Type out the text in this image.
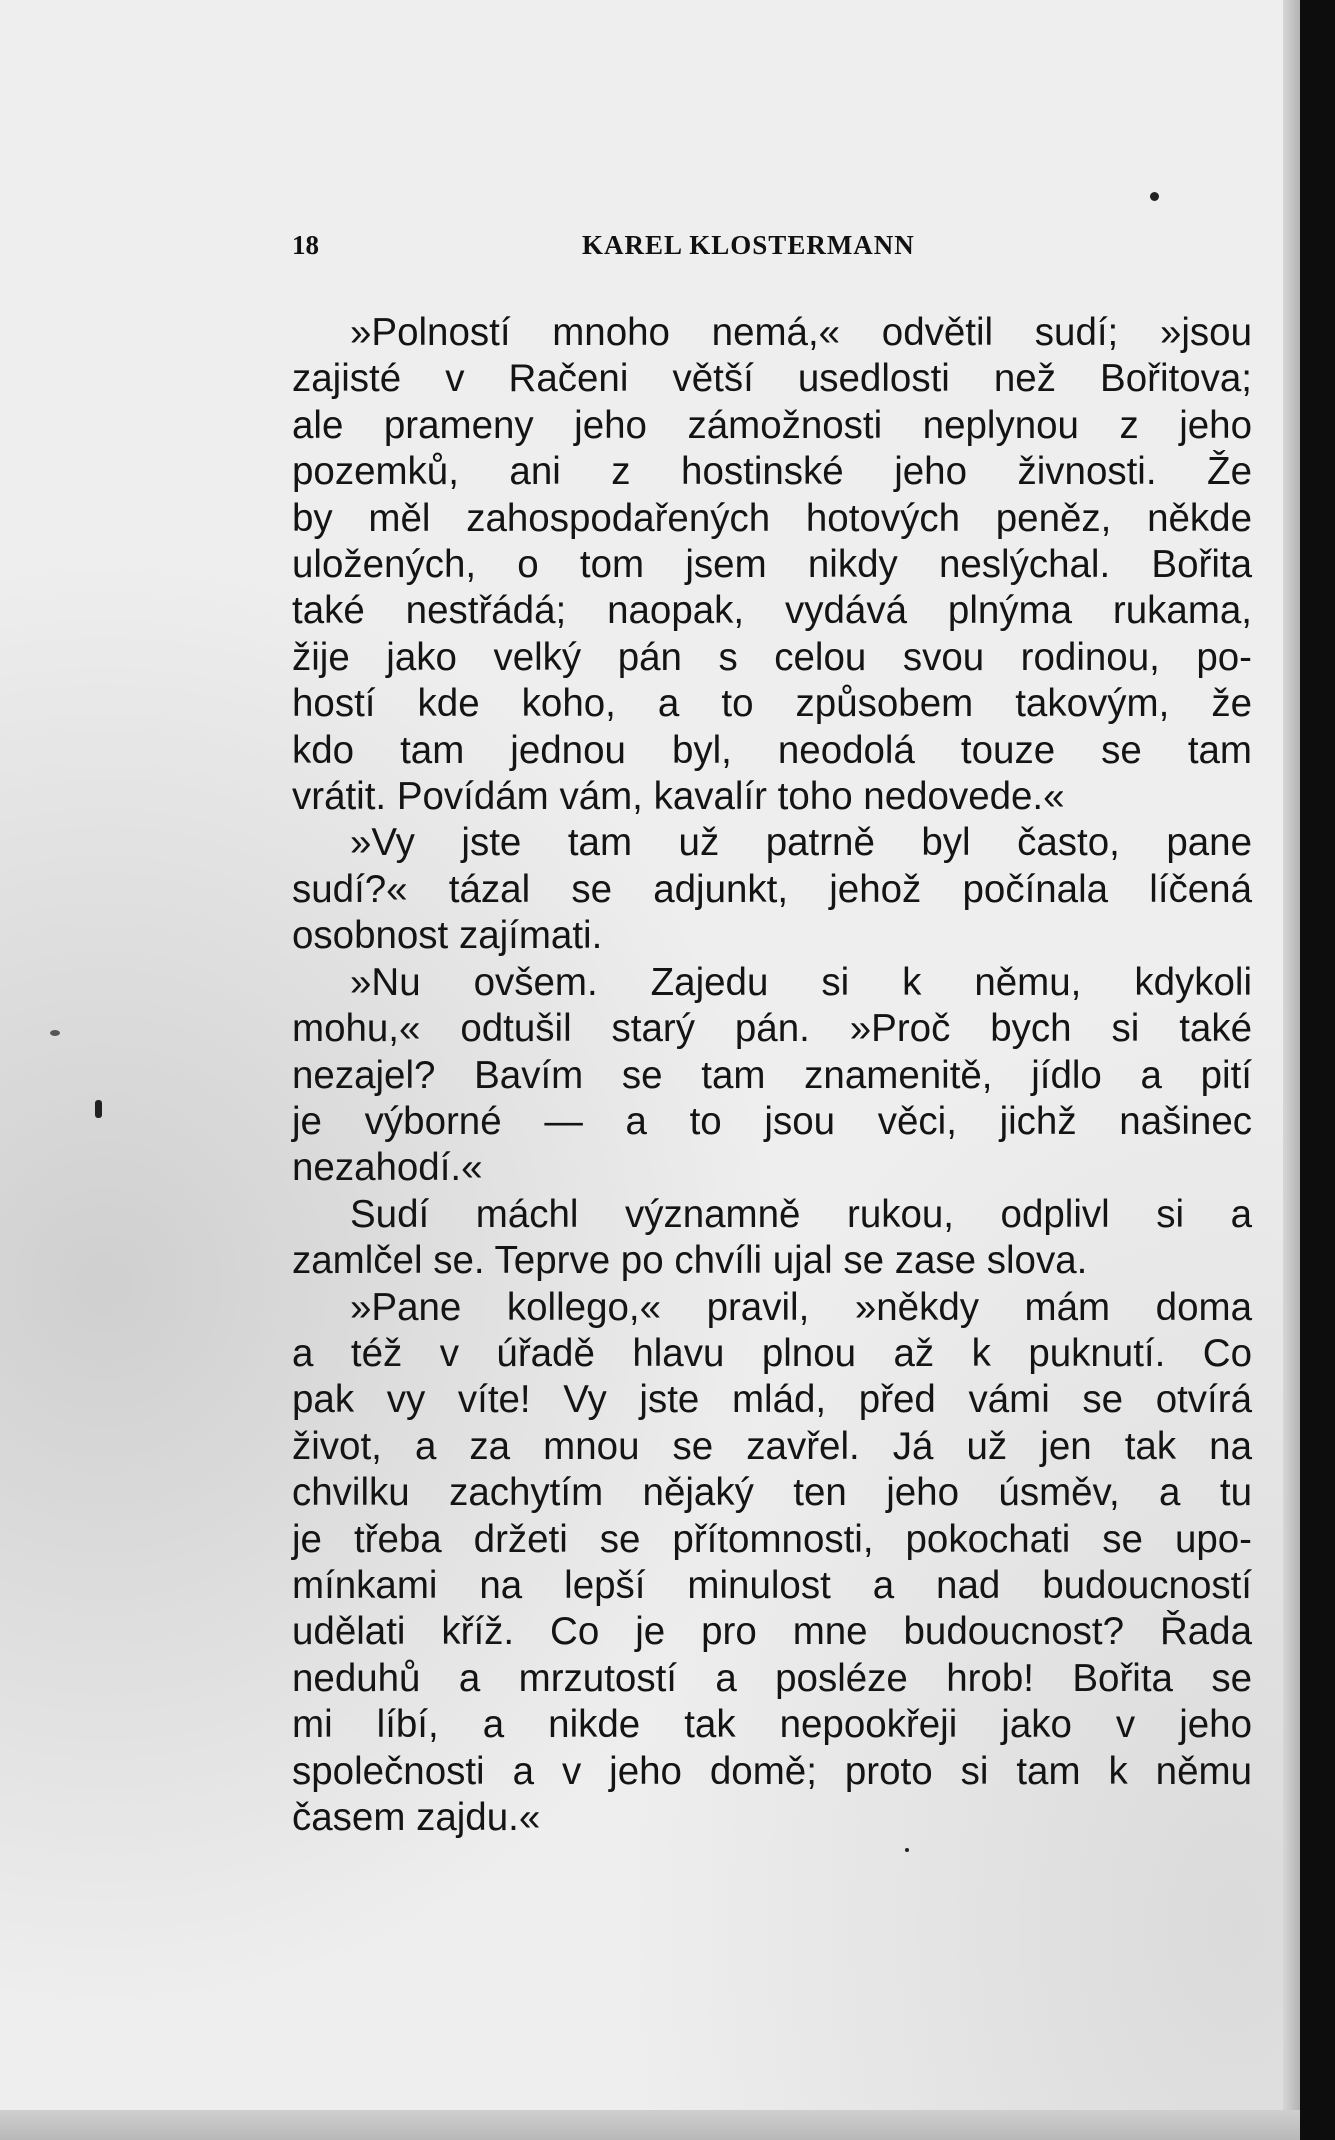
18	KAREL KLOSTERMANN
»Polností mnoho nemá,« odvětil sudí; »jsou
zajisté v Račeni větší usedlosti než Bořitova;
ale prameny jeho zámožnosti neplynou z jeho
pozemků, ani z hostinské jeho živnosti. Že
by měl zahospodařených hotových peněz, někde
uložených, o tom jsem nikdy neslýchal. Bořita
také nestřádá; naopak, vydává plnýma rukama,
žije jako velký pán s celou svou rodinou, po-
hostí kde koho, a to způsobem takovým, že
kdo tam jednou byl, neodolá touze se tam
vrátit. Povídám vám, kavalír toho nedovede.«
»Vy jste tam už patrně byl často, pane
sudí?« tázal se adjunkt, jehož počínala líčená
osobnost zajímati.
»Nu ovšem. Zajedu si k němu, kdykoli
mohu,« odtušil starý pán. »Proč bych si také
nezajel? Bavím se tam znamenitě, jídlo a pití
je výborné — a to jsou věci, jichž našinec
nezahodí.«
Sudí máchl významně rukou, odplivl si a
zamlčel se. Teprve po chvíli ujal se zase slova.
»Pane kollego,« pravil, »někdy mám doma
a též v úřadě hlavu plnou až k puknutí. Co
pak vy víte! Vy jste mlád, před vámi se otvírá
život, a za mnou se zavřel. Já už jen tak na
chvilku zachytím nějaký ten jeho úsměv, a tu
je třeba držeti se přítomnosti, pokochati se upo-
mínkami na lepší minulost a nad budoucností
udělati kříž. Co je pro mne budoucnost? Řada
neduhů a mrzutostí a posléze hrob! Bořita se
mi líbí, a nikde tak nepookřeji jako v jeho
společnosti a v jeho domě; proto si tam k němu
časem zajdu.«
